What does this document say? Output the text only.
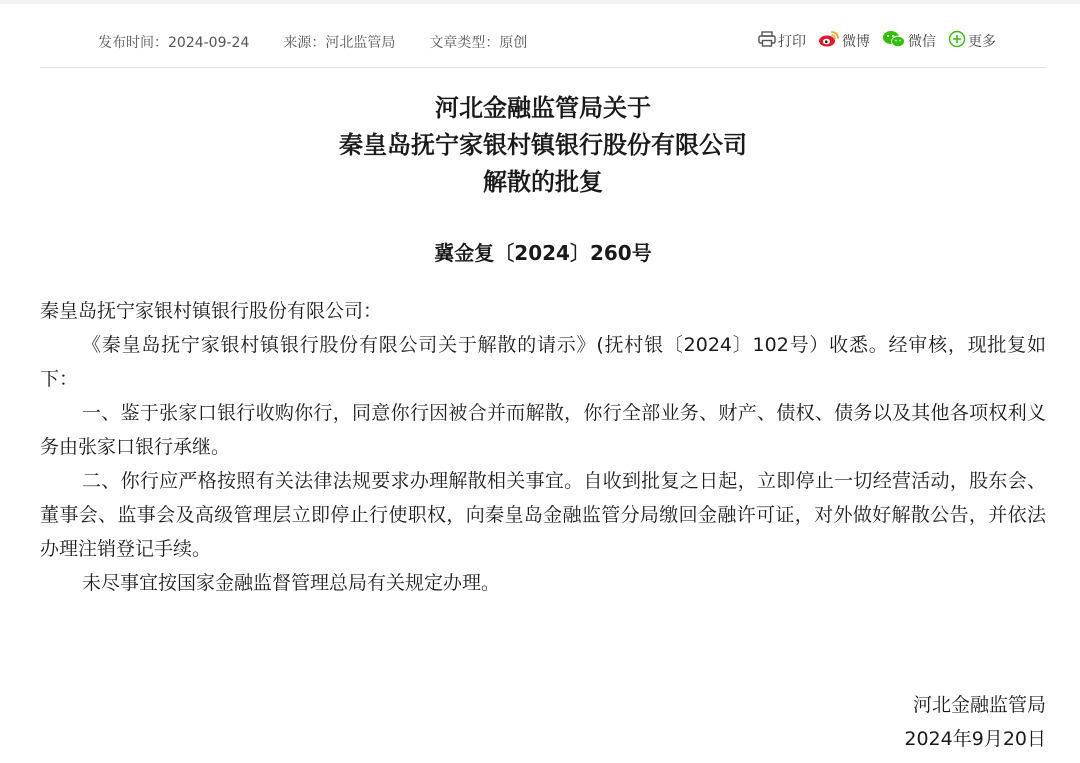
发布时间：2024-09-24 来源：河北监管局 文章类型：原创	打印	微博	微信 更多
河北金融监管局关于
秦皇岛抚宁家银村镇银行股份有限公司
解散的批复
冀金复〔2024〕260号

秦皇岛抚宁家银村镇银行股份有限公司：

《秦皇岛抚宁家银村镇银行股份有限公司关于解散的请示》(抚村银〔2024〕102号）收悉。经审核，现批复如下：

一、鉴于张家口银行收购你行，同意你行因被合并而解散，你行全部业务、财产、债权、债务以及其他各项权利义务由张家口银行承继。

二、你行应严格按照有关法律法规要求办理解散相关事宜。自收到批复之日起，立即停止一切经营活动，股东会、董事会、监事会及高级管理层立即停止行使职权，向秦皇岛金融监管分局缴回金融许可证，对外做好解散公告，并依法办理注销登记手续。

未尽事宜按国家金融监督管理总局有关规定办理。

河北金融监管局
2024年9月20日
